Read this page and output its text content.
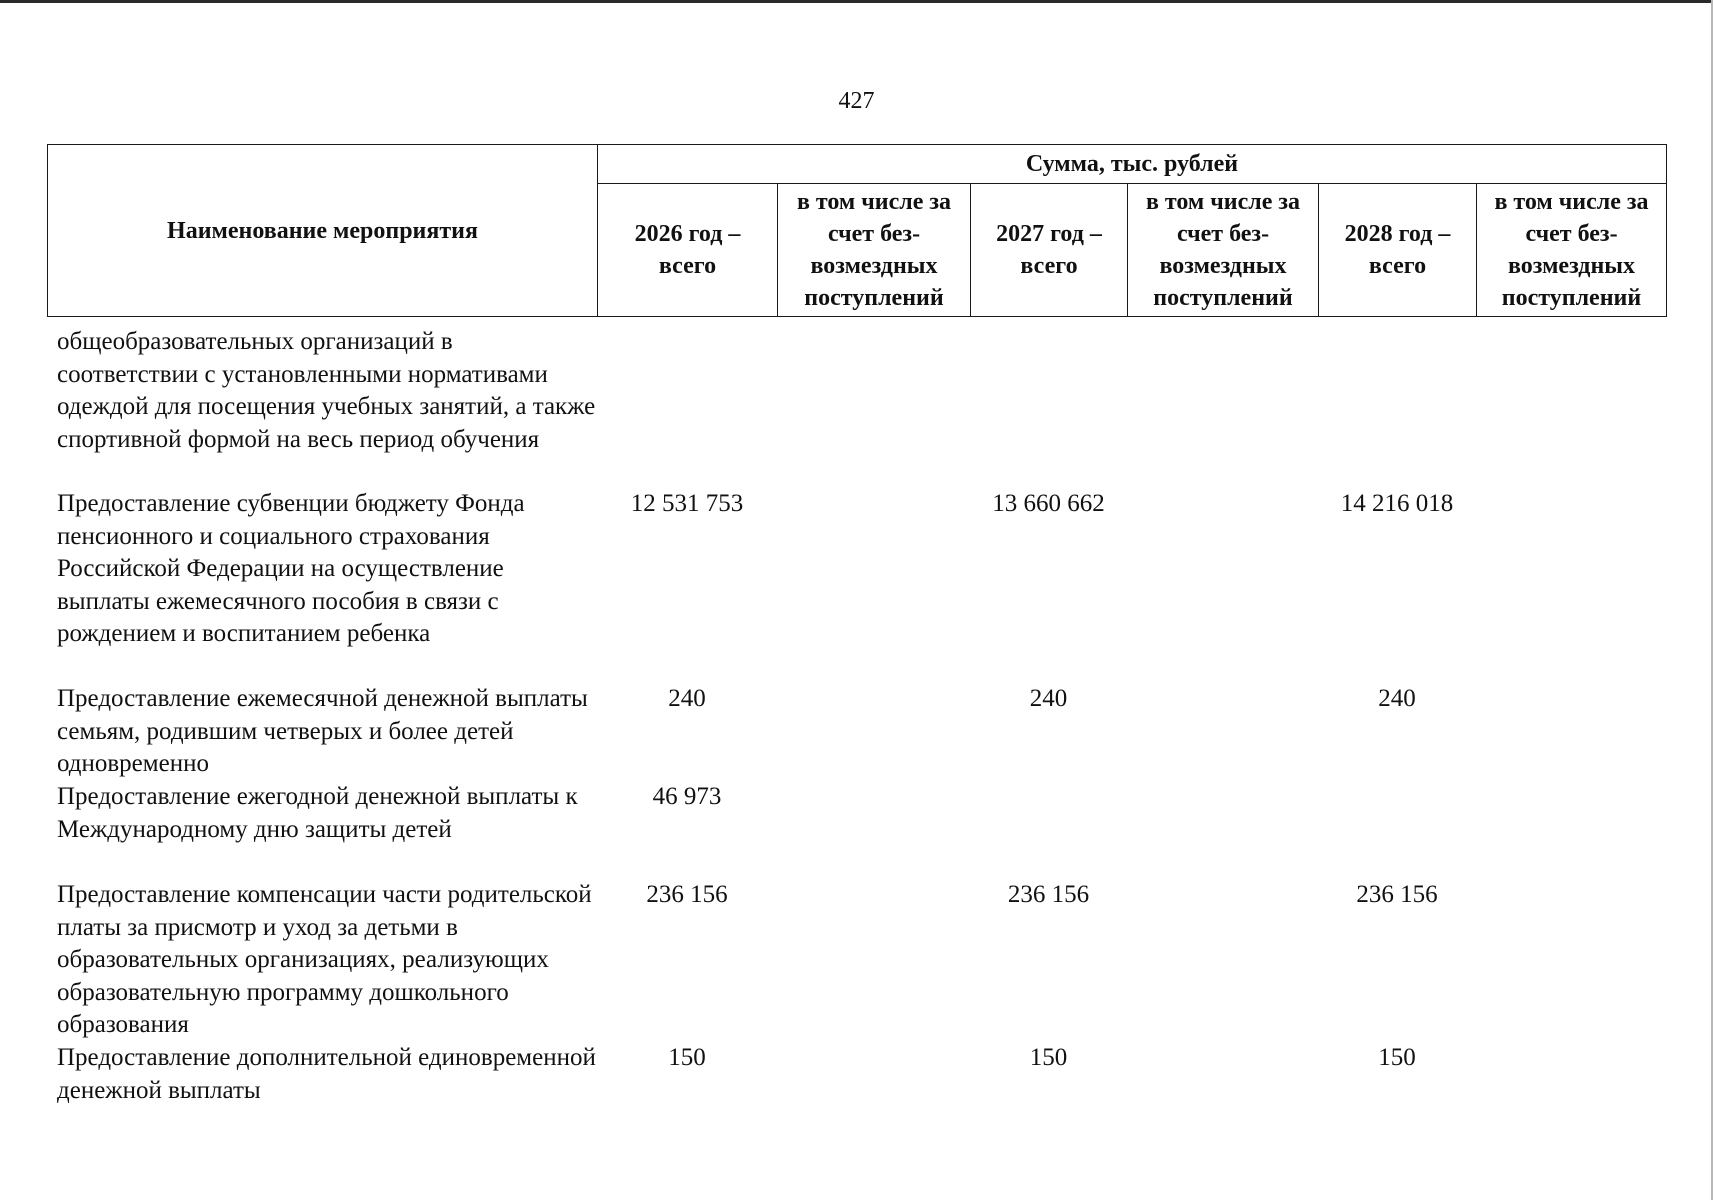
427
Наименование мероприятия	Сумма, тыс. рублей					

	2026 год – всего	в том числе за счет без-возмездных поступлений	2027 год – всего	в том числе за счет без-возмездных поступлений	2028 год – всего	в том числе за счет без-возмездных поступлений
общеобразовательных организаций в соответствии с установленными нормативами одеждой для посещения учебных занятий, а также спортивной формой на весь период обучения						
Предоставление субвенции бюджету Фонда пенсионного и социального страхования Российской Федерации на осуществление выплаты ежемесячного пособия в связи с рождением и воспитанием ребенка	12 531 753		13 660 662		14 216 018	
Предоставление ежемесячной денежной выплаты семьям, родившим четверых и более детей одновременно	240		240		240	
Предоставление ежегодной денежной выплаты к Международному дню защиты детей	46 973					
Предоставление компенсации части родительской платы за присмотр и уход за детьми в образовательных организациях, реализующих образовательную программу дошкольного образования	236 156		236 156		236 156	
Предоставление дополнительной единовременной денежной выплаты	150		150		150	
